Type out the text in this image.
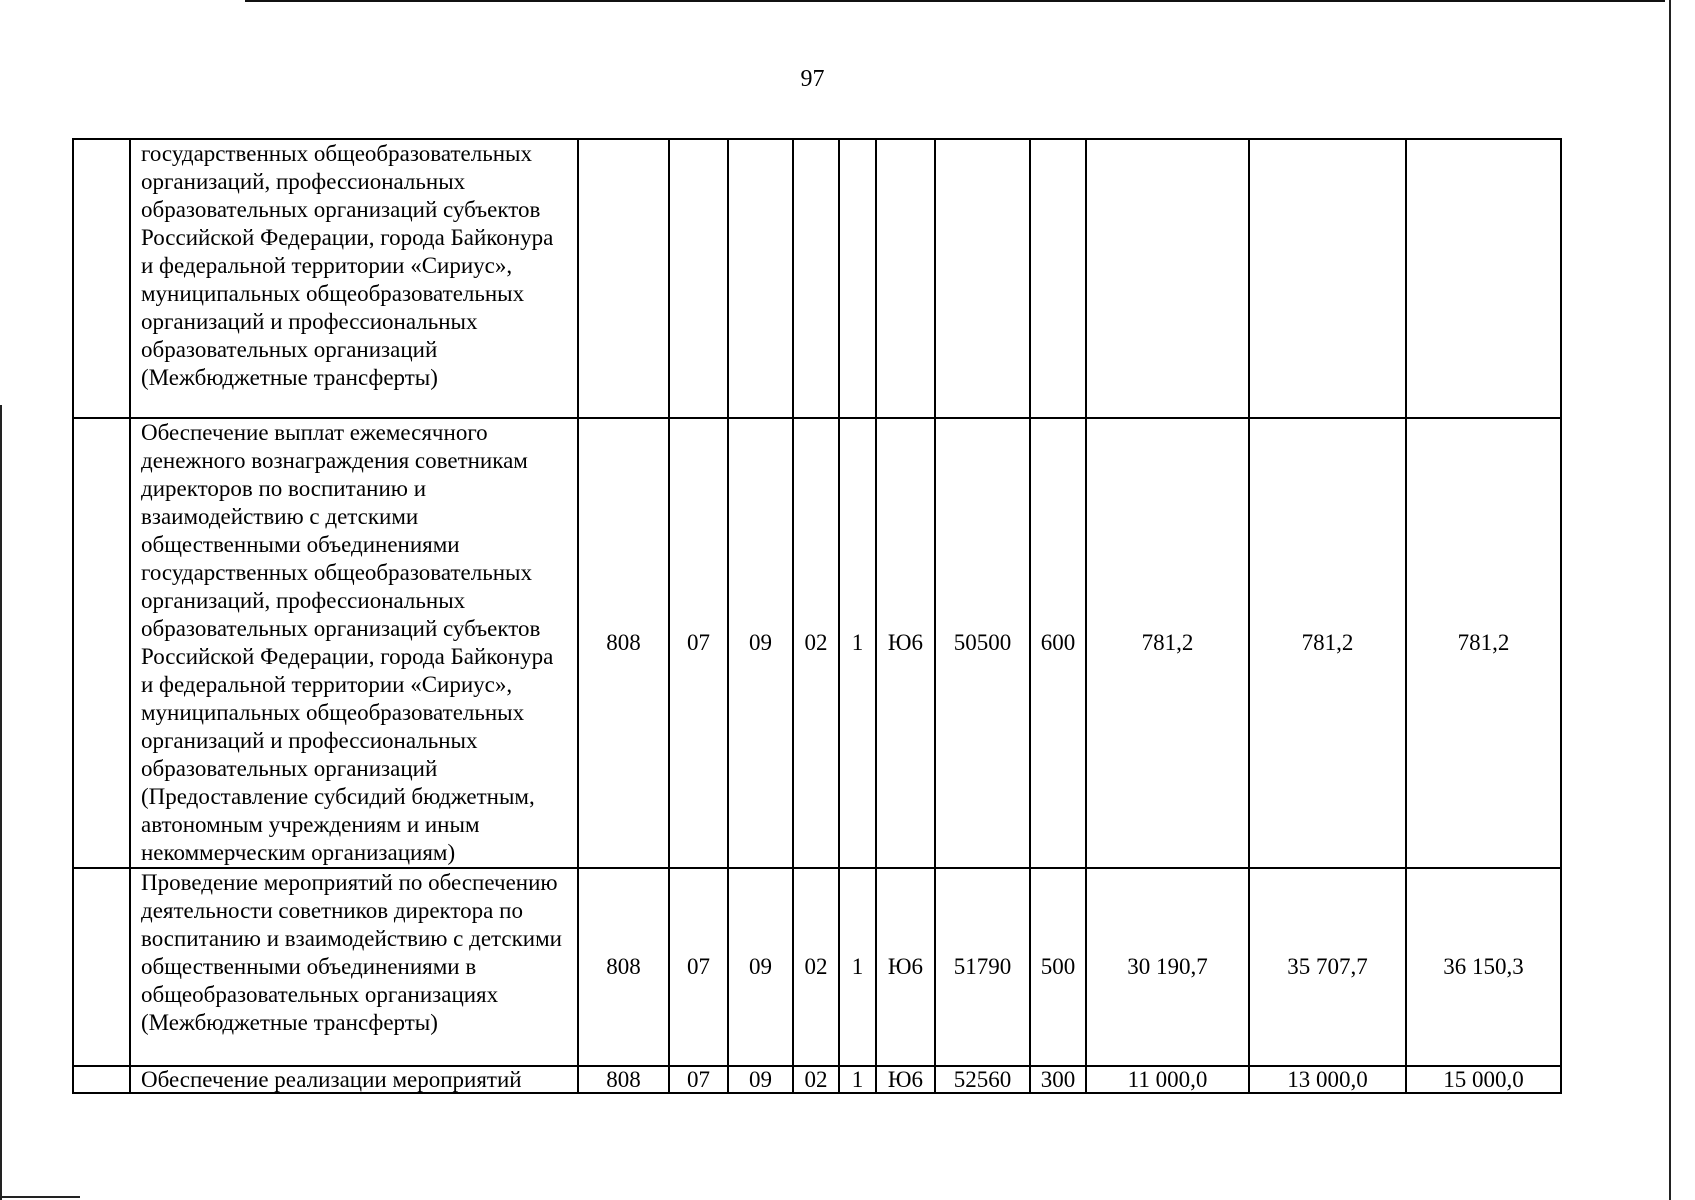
97
	государственных общеобразовательных организаций, профессиональных образовательных организаций субъектов Российской Федерации, города Байконура и федеральной территории «Сириус», муниципальных общеобразовательных организаций и профессиональных образовательных организаций (Межбюджетные трансферты)											
	Обеспечение выплат ежемесячного денежного вознаграждения советникам директоров по воспитанию и взаимодействию с детскими общественными объединениями государственных общеобразовательных организаций, профессиональных образовательных организаций субъектов Российской Федерации, города Байконура и федеральной территории «Сириус», муниципальных общеобразовательных организаций и профессиональных образовательных организаций (Предоставление субсидий бюджетным, автономным учреждениям и иным некоммерческим организациям)	808	07	09	02	1	Ю6	50500	600	781,2	781,2	781,2
	Проведение мероприятий по обеспечению деятельности советников директора по воспитанию и взаимодействию с детскими общественными объединениями в общеобразовательных организациях (Межбюджетные трансферты)	808	07	09	02	1	Ю6	51790	500	30 190,7	35 707,7	36 150,3
	Обеспечение реализации мероприятий	808	07	09	02	1	Ю6	52560	300	11 000,0	13 000,0	15 000,0
